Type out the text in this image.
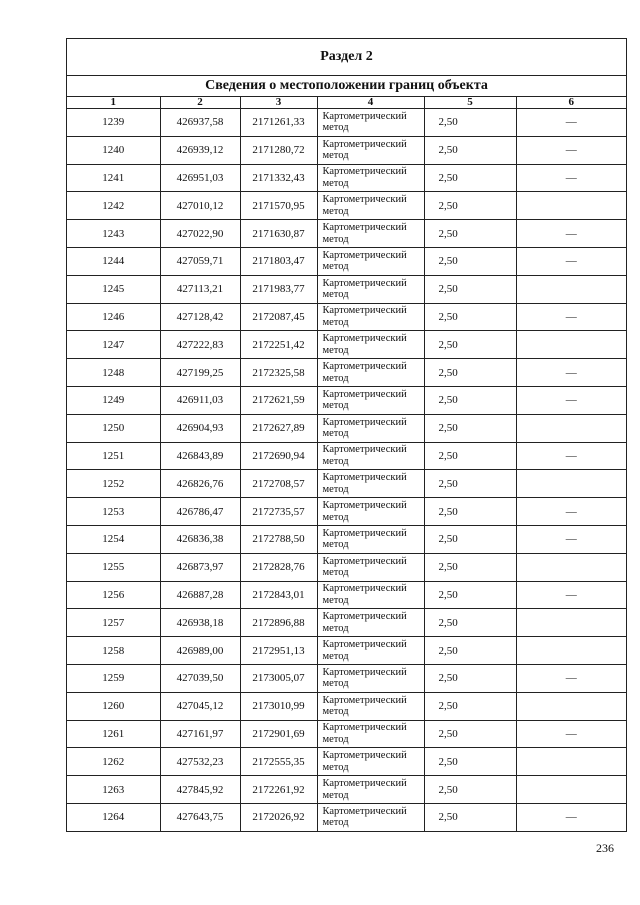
Раздел 2
Сведения о местоположении границ объекта
1	2	3	4	5	6
1239	426937,58	2171261,33	Картометрический метод	2,50	—
1240	426939,12	2171280,72	Картометрический метод	2,50	—
1241	426951,03	2171332,43	Картометрический метод	2,50	—
1242	427010,12	2171570,95	Картометрический метод	2,50	
1243	427022,90	2171630,87	Картометрический метод	2,50	—
1244	427059,71	2171803,47	Картометрический метод	2,50	—
1245	427113,21	2171983,77	Картометрический метод	2,50	
1246	427128,42	2172087,45	Картометрический метод	2,50	—
1247	427222,83	2172251,42	Картометрический метод	2,50	
1248	427199,25	2172325,58	Картометрический метод	2,50	—
1249	426911,03	2172621,59	Картометрический метод	2,50	—
1250	426904,93	2172627,89	Картометрический метод	2,50	
1251	426843,89	2172690,94	Картометрический метод	2,50	—
1252	426826,76	2172708,57	Картометрический метод	2,50	
1253	426786,47	2172735,57	Картометрический метод	2,50	—
1254	426836,38	2172788,50	Картометрический метод	2,50	—
1255	426873,97	2172828,76	Картометрический метод	2,50	
1256	426887,28	2172843,01	Картометрический метод	2,50	—
1257	426938,18	2172896,88	Картометрический метод	2,50	
1258	426989,00	2172951,13	Картометрический метод	2,50	
1259	427039,50	2173005,07	Картометрический метод	2,50	—
1260	427045,12	2173010,99	Картометрический метод	2,50	
1261	427161,97	2172901,69	Картометрический метод	2,50	—
1262	427532,23	2172555,35	Картометрический метод	2,50	
1263	427845,92	2172261,92	Картометрический метод	2,50	
1264	427643,75	2172026,92	Картометрический метод	2,50	—
236
